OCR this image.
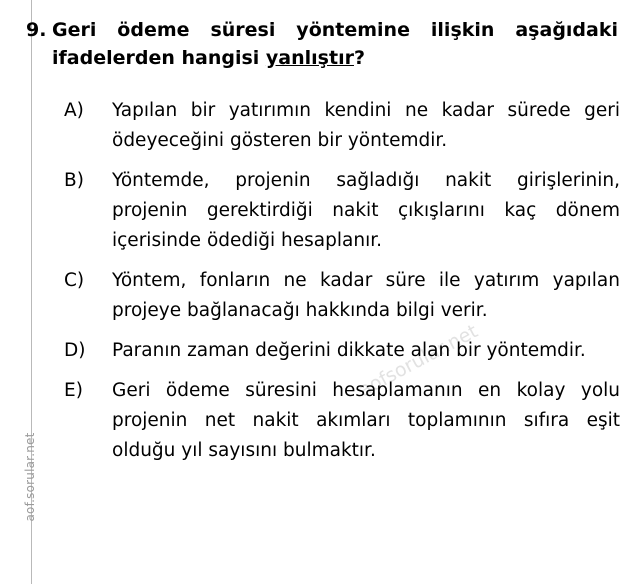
aof.sorular.net
aofsorular.net
9. Geri ödeme süresi yöntemine ilişkin aşağıdaki ifadelerden hangisi yanlıştır?
A)	Yapılan bir yatırımın kendini ne kadar sürede geri ödeyeceğini gösteren bir yöntemdir.
B)	Yöntemde, projenin sağladığı nakit girişlerinin, projenin gerektirdiği nakit çıkışlarını kaç dönem içerisinde ödediği hesaplanır.
C)	Yöntem, fonların ne kadar süre ile yatırım yapılan projeye bağlanacağı hakkında bilgi verir.
D)	Paranın zaman değerini dikkate alan bir yöntemdir.
E)	Geri ödeme süresini hesaplamanın en kolay yolu projenin net nakit akımları toplamının sıfıra eşit olduğu yıl sayısını bulmaktır.
